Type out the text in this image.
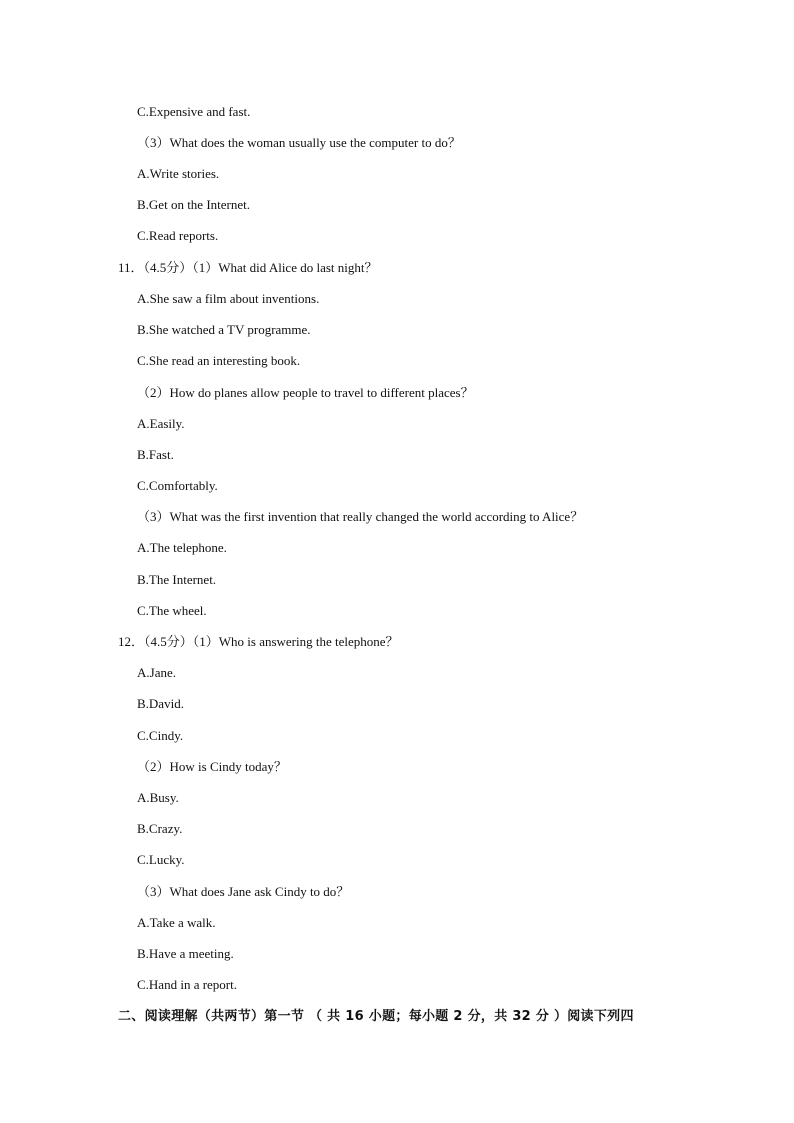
C.Expensive and fast.
（3）What does the woman usually use the computer to do？
A.Write stories.
B.Get on the Internet.
C.Read reports.
11．（4.5分）（1）What did Alice do last night？
A.She saw a film about inventions.
B.She watched a TV programme.
C.She read an interesting book.
（2）How do planes allow people to travel to different places？
A.Easily.
B.Fast.
C.Comfortably.
（3）What was the first invention that really changed the world according to Alice？
A.The telephone.
B.The Internet.
C.The wheel.
12．（4.5分）（1）Who is answering the telephone？
A.Jane.
B.David.
C.Cindy.
（2）How is Cindy today？
A.Busy.
B.Crazy.
C.Lucky.
（3）What does Jane ask Cindy to do？
A.Take a walk.
B.Have a meeting.
C.Hand in a report.
二、阅读理解（共两节）第一节 （ 共 16 小题；每小题 2 分，共 32 分 ）阅读下列四
